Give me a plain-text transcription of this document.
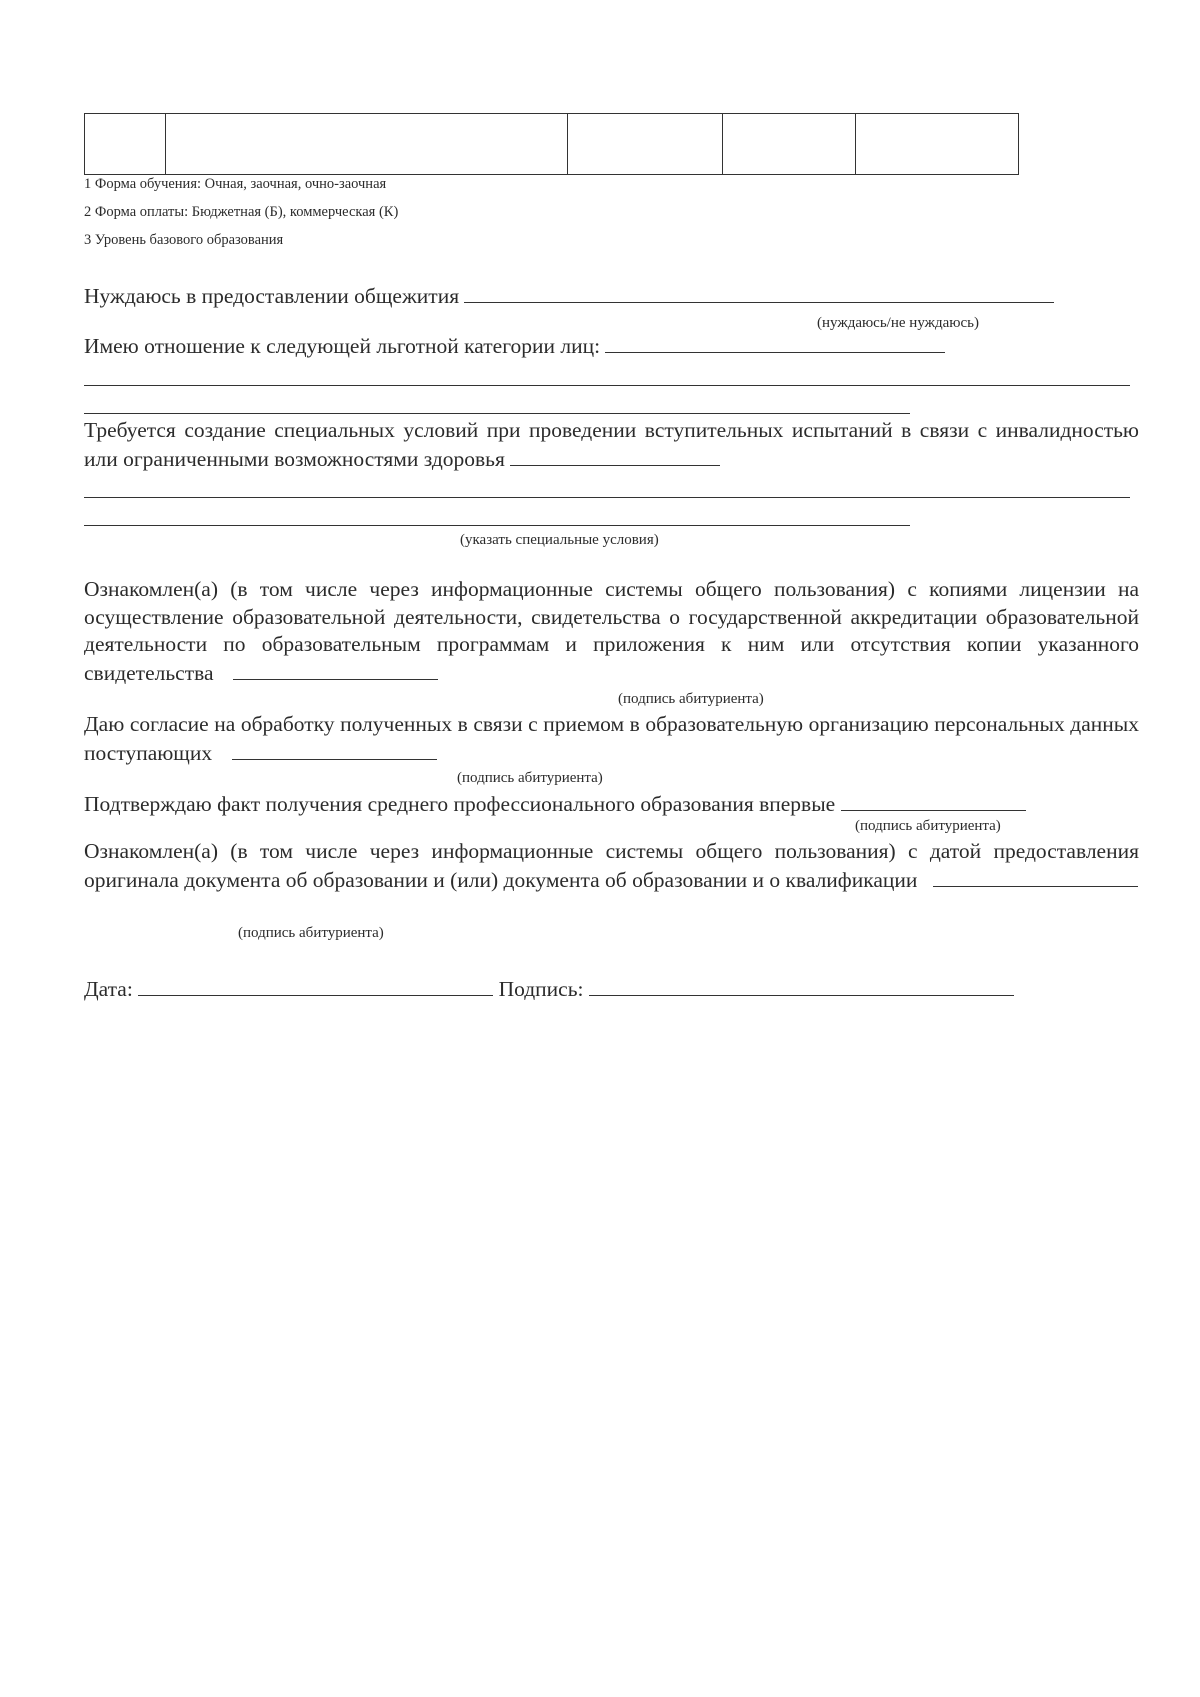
1 Форма обучения: Очная, заочная, очно-заочная
2 Форма оплаты: Бюджетная (Б), коммерческая (К)
3 Уровень базового образования
Нуждаюсь в предоставлении общежития
(нуждаюсь/не нуждаюсь)
Имею отношение к следующей льготной категории лиц:
Требуется создание специальных условий при проведении вступительных испытаний в связи с инвалидностью или ограниченными возможностями здоровья
(указать специальные условия)
Ознакомлен(а) (в том числе через информационные системы общего пользования) с копиями лицензии на осуществление образовательной деятельности, свидетельства о государственной аккредитации образовательной деятельности по образовательным программам и приложения к ним или отсутствия копии указанного свидетельства
(подпись абитуриента)
Даю согласие на обработку полученных в связи с приемом в образовательную организацию персональных данных поступающих
(подпись абитуриента)
Подтверждаю факт получения среднего профессионального образования впервые
(подпись абитуриента)
Ознакомлен(а) (в том числе через информационные системы общего пользования) с датой предоставления оригинала документа об образовании и (или) документа об образовании и о квалификации
(подпись абитуриента)
Дата:	Подпись:
